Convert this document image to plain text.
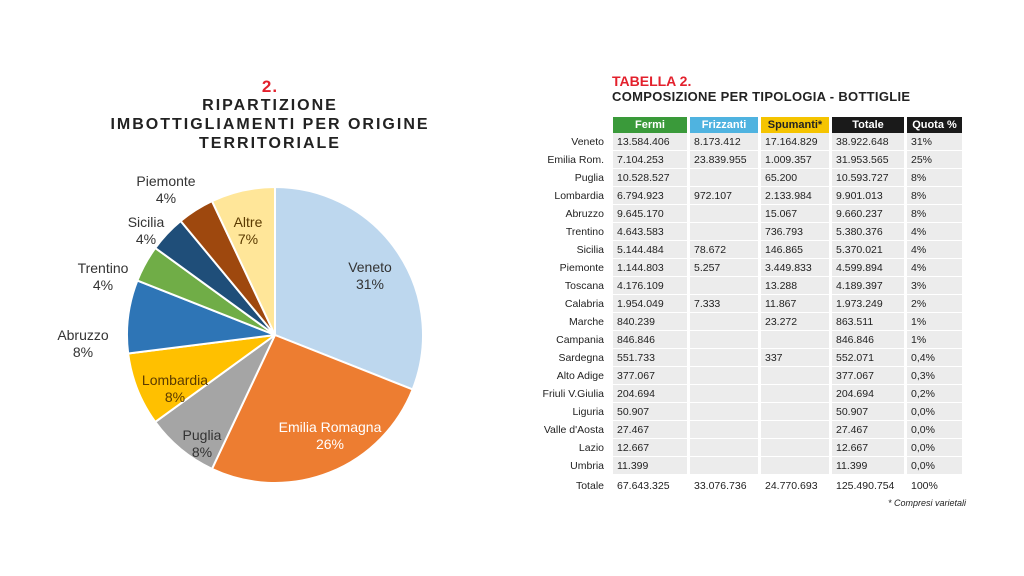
2.
RIPARTIZIONE
IMBOTTIGLIAMENTI PER ORIGINE
TERRITORIALE
Veneto 31%
Emilia Romagna 26%
Puglia 8%
Lombardia 8%
Abruzzo 8%
Trentino 4%
Sicilia 4%
Piemonte 4%
Altre 7%
TABELLA 2.
COMPOSIZIONE PER TIPOLOGIA - BOTTIGLIE
	Fermi	Frizzanti	Spumanti*	Totale	Quota %
Veneto	13.584.406	8.173.412	17.164.829	38.922.648	31%
Emilia Rom.	7.104.253	23.839.955	1.009.357	31.953.565	25%
Puglia	10.528.527		65.200	10.593.727	8%
Lombardia	6.794.923	972.107	2.133.984	9.901.013	8%
Abruzzo	9.645.170		15.067	9.660.237	8%
Trentino	4.643.583		736.793	5.380.376	4%
Sicilia	5.144.484	78.672	146.865	5.370.021	4%
Piemonte	1.144.803	5.257	3.449.833	4.599.894	4%
Toscana	4.176.109		13.288	4.189.397	3%
Calabria	1.954.049	7.333	11.867	1.973.249	2%
Marche	840.239		23.272	863.511	1%
Campania	846.846			846.846	1%
Sardegna	551.733		337	552.071	0,4%
Alto Adige	377.067			377.067	0,3%
Friuli V.Giulia	204.694			204.694	0,2%
Liguria	50.907			50.907	0,0%
Valle d'Aosta	27.467			27.467	0,0%
Lazio	12.667			12.667	0,0%
Umbria	11.399			11.399	0,0%
Totale	67.643.325	33.076.736	24.770.693	125.490.754	100%
* Compresi varietali
